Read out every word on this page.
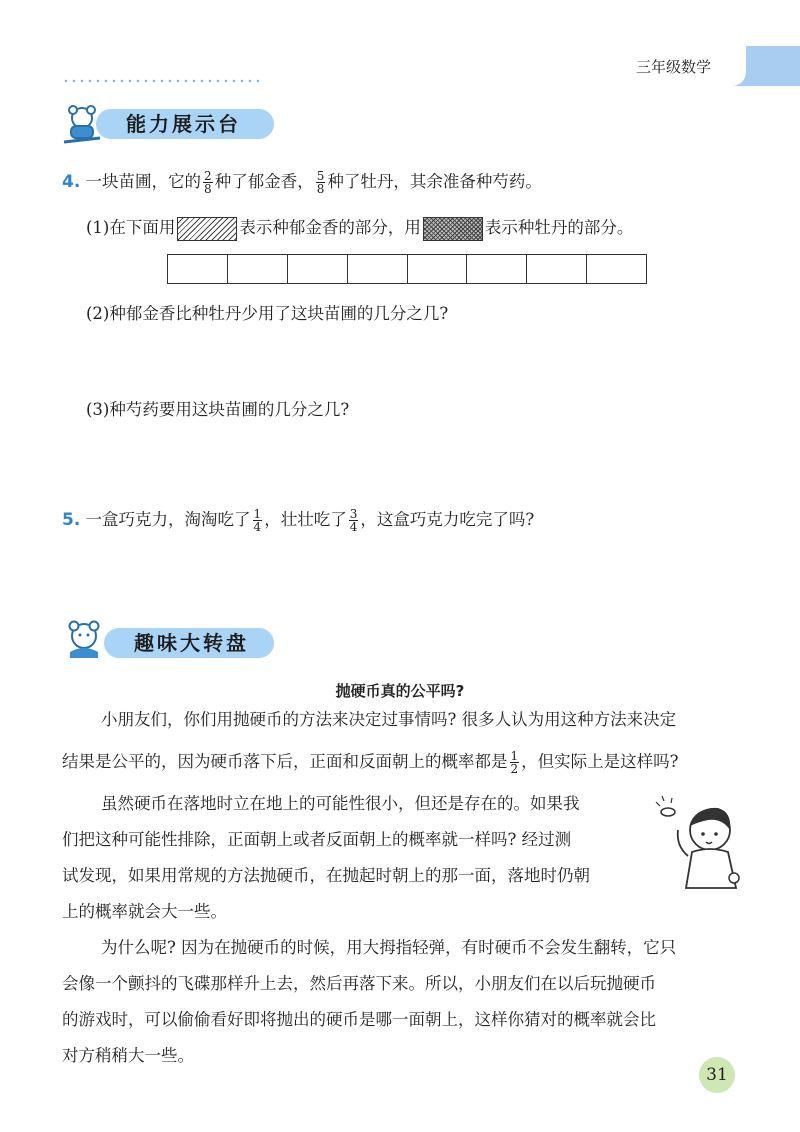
三年级数学
能力展示台
4. 一块苗圃，它的 $\frac{2}{8}$ 种了郁金香， $\frac{5}{8}$ 种了牡丹，其余准备种芍药。
(1)在下面用	表示种郁金香的部分，用	表示种牡丹的部分。
(2)种郁金香比种牡丹少用了这块苗圃的几分之几?
(3)种芍药要用这块苗圃的几分之几?
5. 一盒巧克力，淘淘吃了 $\frac{1}{4}$ ，壮壮吃了 $\frac{3}{4}$ ，这盒巧克力吃完了吗?
趣味大转盘
抛硬币真的公平吗?
小朋友们，你们用抛硬币的方法来决定过事情吗? 很多人认为用这种方法来决定
结果是公平的，因为硬币落下后，正面和反面朝上的概率都是 $\frac{1}{2}$ ，但实际上是这样吗?
虽然硬币在落地时立在地上的可能性很小，但还是存在的。如果我
们把这种可能性排除，正面朝上或者反面朝上的概率就一样吗? 经过测
试发现，如果用常规的方法抛硬币，在抛起时朝上的那一面，落地时仍朝
上的概率就会大一些。
为什么呢? 因为在抛硬币的时候，用大拇指轻弹，有时硬币不会发生翻转，它只
会像一个颤抖的飞碟那样升上去，然后再落下来。所以，小朋友们在以后玩抛硬币
的游戏时，可以偷偷看好即将抛出的硬币是哪一面朝上，这样你猜对的概率就会比
对方稍稍大一些。
31
